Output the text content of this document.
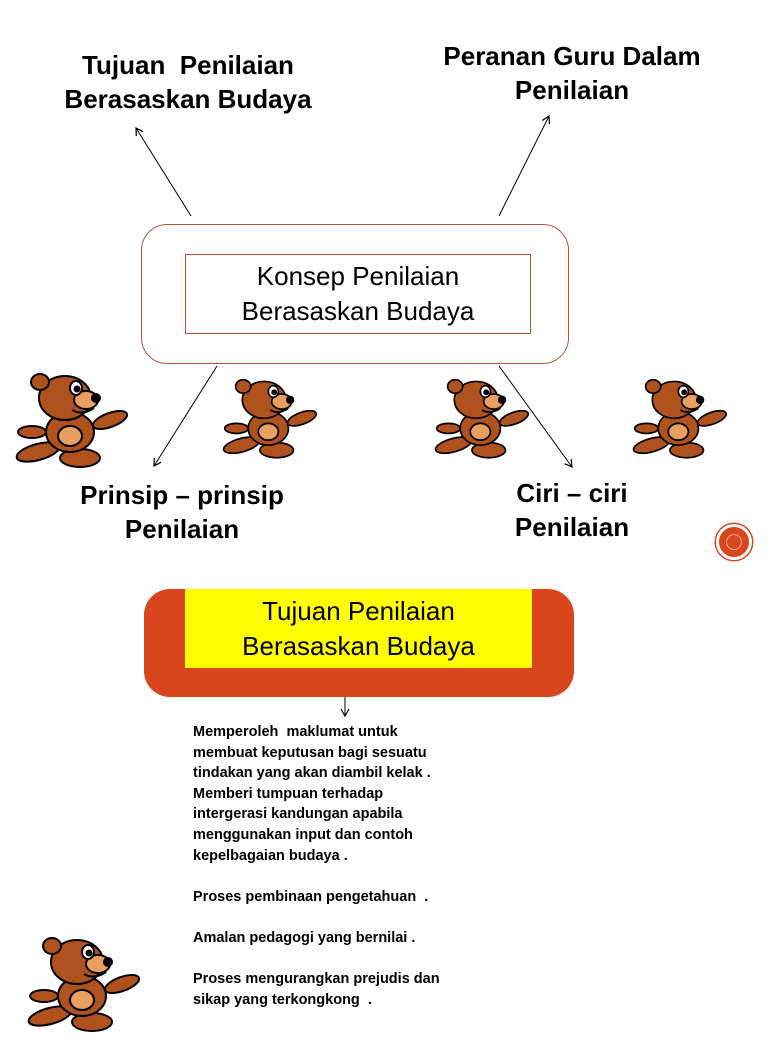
Tujuan  Penilaian
Berasaskan Budaya
Peranan Guru Dalam
Penilaian
Konsep Penilaian
Berasaskan Budaya
Prinsip – prinsip
Penilaian
Ciri – ciri
Penilaian
Tujuan Penilaian
Berasaskan Budaya

Memperoleh  maklumat untuk
membuat keputusan bagi sesuatu
tindakan yang akan diambil kelak .
Memberi tumpuan terhadap
intergerasi kandungan apabila
menggunakan input dan contoh
kepelbagaian budaya .

Proses pembinaan pengetahuan  .

Amalan pedagogi yang bernilai .

Proses mengurangkan prejudis dan
sikap yang terkongkong  .
